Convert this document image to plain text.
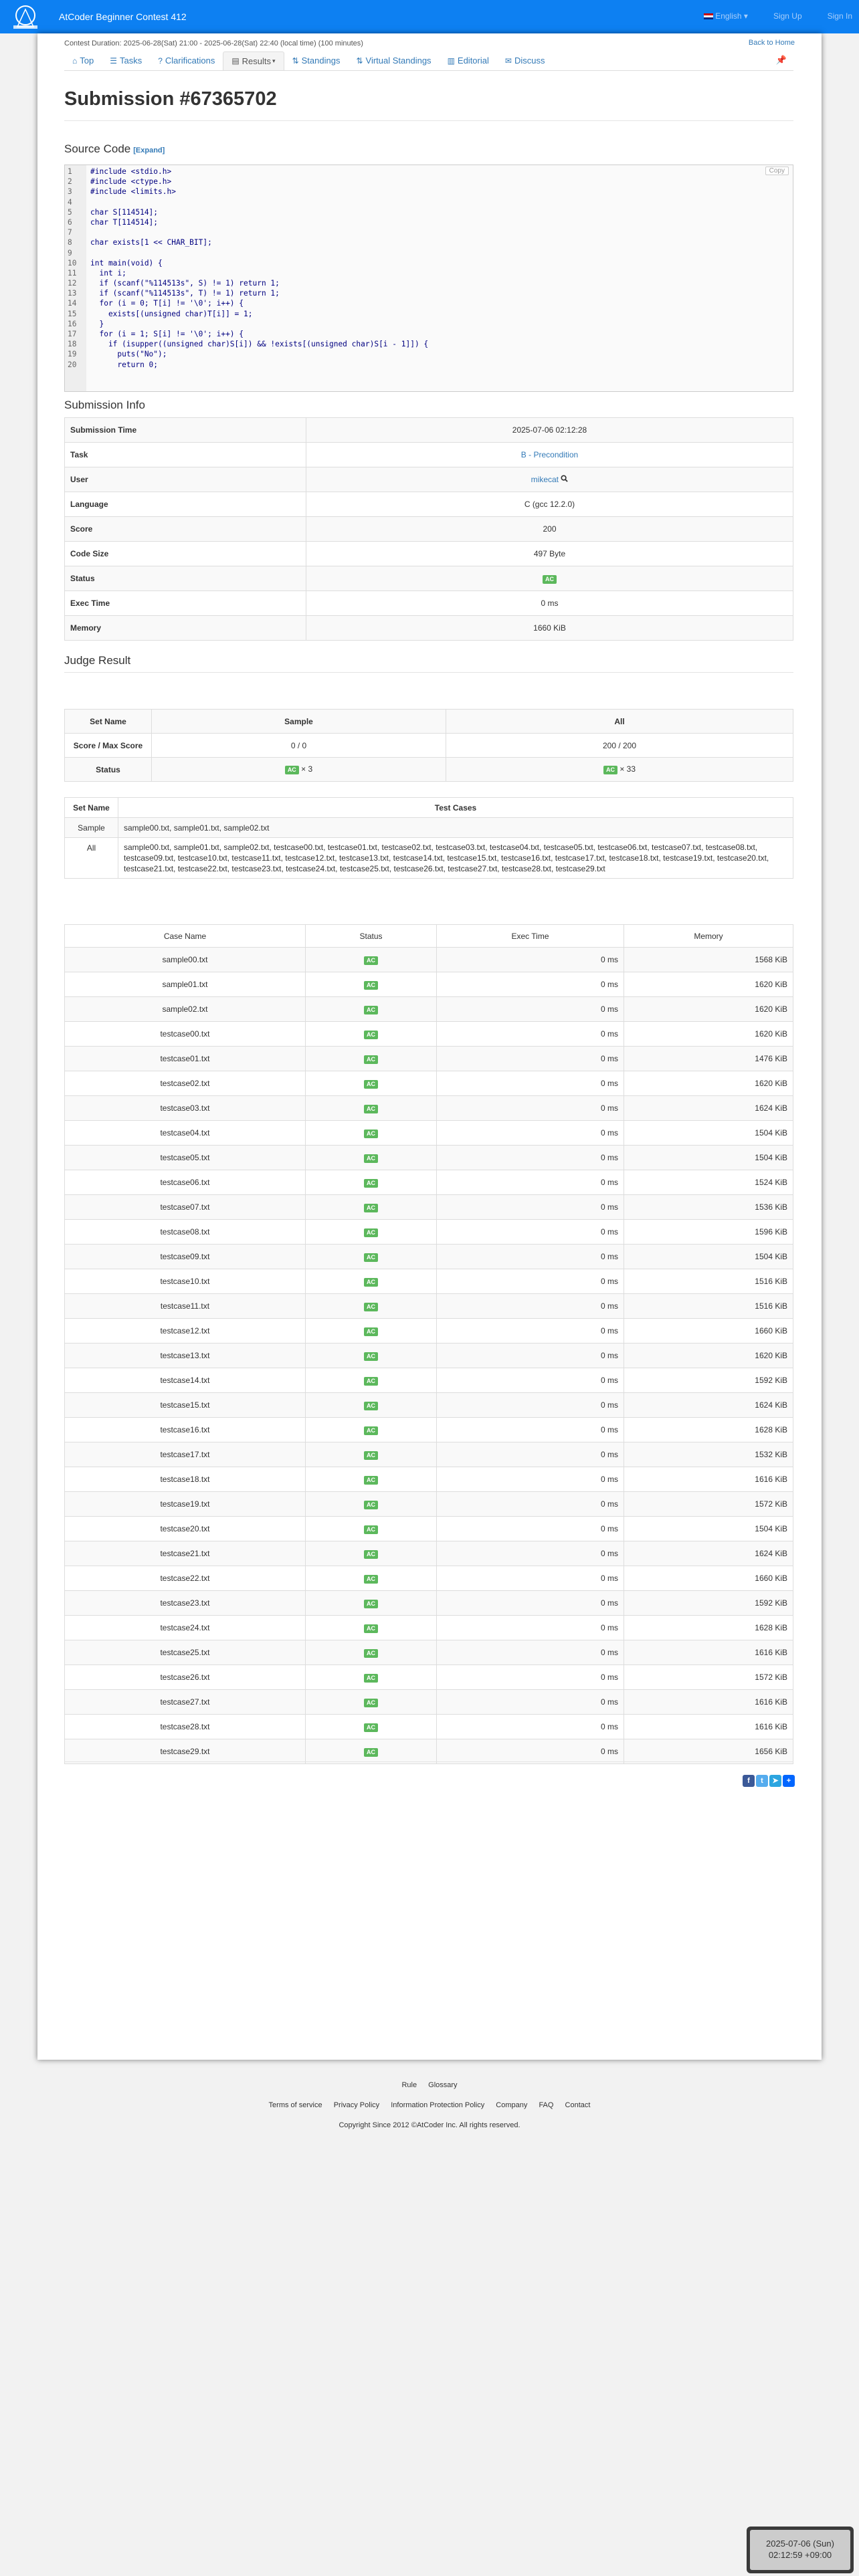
AtCoder Beginner Contest 412	English ▾	Sign Up	Sign In
Contest Duration: 2025-06-28(Sat) 21:00 - 2025-06-28(Sat) 22:40 (local time) (100 minutes)	Back to Home
⌂ Top ☰ Tasks ? Clarifications ▤ Results ▾ ⇅ Standings ⇅ Virtual Standings ▥ Editorial ✉ Discuss	📌
Submission #67365702
Source Code [Expand]
Copy
1	#include <stdio.h>
2	#include <ctype.h>
3	#include <limits.h>
4
5	char S[114514];
6	char T[114514];
7
8	char exists[1 << CHAR_BIT];
9
10	int main(void) {
11	int i;
12	if (scanf("%114513s", S) != 1) return 1;
13	if (scanf("%114513s", T) != 1) return 1;
14	for (i = 0; T[i] != '\0'; i++) {
15	exists[(unsigned char)T[i]] = 1;
16	}
17	for (i = 1; S[i] != '\0'; i++) {
18	if (isupper((unsigned char)S[i]) && !exists[(unsigned char)S[i - 1]]) {
19	puts("No");
20	return 0;
Submission Info
Submission Time	2025-07-06 02:12:28
Task	B - Precondition
User	mikecat
Language	C (gcc 12.2.0)
Score	200
Code Size	497 Byte
Status	AC
Exec Time	0 ms
Memory	1660 KiB
Judge Result
Set Name	Sample	All
Score / Max Score	0 / 0	200 / 200
Status	AC × 3	AC × 33
Set Name	Test Cases
Sample	sample00.txt, sample01.txt, sample02.txt
All	sample00.txt, sample01.txt, sample02.txt, testcase00.txt, testcase01.txt, testcase02.txt, testcase03.txt, testcase04.txt, testcase05.txt, testcase06.txt, testcase07.txt, testcase08.txt, testcase09.txt, testcase10.txt, testcase11.txt, testcase12.txt, testcase13.txt, testcase14.txt, testcase15.txt, testcase16.txt, testcase17.txt, testcase18.txt, testcase19.txt, testcase20.txt, testcase21.txt, testcase22.txt, testcase23.txt, testcase24.txt, testcase25.txt, testcase26.txt, testcase27.txt, testcase28.txt, testcase29.txt
Case Name	Status	Exec Time	Memory
sample00.txt	AC	0 ms	1568 KiB
sample01.txt	AC	0 ms	1620 KiB
sample02.txt	AC	0 ms	1620 KiB
testcase00.txt	AC	0 ms	1620 KiB
testcase01.txt	AC	0 ms	1476 KiB
testcase02.txt	AC	0 ms	1620 KiB
testcase03.txt	AC	0 ms	1624 KiB
testcase04.txt	AC	0 ms	1504 KiB
testcase05.txt	AC	0 ms	1504 KiB
testcase06.txt	AC	0 ms	1524 KiB
testcase07.txt	AC	0 ms	1536 KiB
testcase08.txt	AC	0 ms	1596 KiB
testcase09.txt	AC	0 ms	1504 KiB
testcase10.txt	AC	0 ms	1516 KiB
testcase11.txt	AC	0 ms	1516 KiB
testcase12.txt	AC	0 ms	1660 KiB
testcase13.txt	AC	0 ms	1620 KiB
testcase14.txt	AC	0 ms	1592 KiB
testcase15.txt	AC	0 ms	1624 KiB
testcase16.txt	AC	0 ms	1628 KiB
testcase17.txt	AC	0 ms	1532 KiB
testcase18.txt	AC	0 ms	1616 KiB
testcase19.txt	AC	0 ms	1572 KiB
testcase20.txt	AC	0 ms	1504 KiB
testcase21.txt	AC	0 ms	1624 KiB
testcase22.txt	AC	0 ms	1660 KiB
testcase23.txt	AC	0 ms	1592 KiB
testcase24.txt	AC	0 ms	1628 KiB
testcase25.txt	AC	0 ms	1616 KiB
testcase26.txt	AC	0 ms	1572 KiB
testcase27.txt	AC	0 ms	1616 KiB
testcase28.txt	AC	0 ms	1616 KiB
testcase29.txt	AC	0 ms	1656 KiB
f	t	➤	+
Rule Glossary
Terms of service Privacy Policy Information Protection Policy Company FAQ Contact
Copyright Since 2012 ©AtCoder Inc. All rights reserved.
2025-07-06 (Sun)
02:12:59 +09:00
